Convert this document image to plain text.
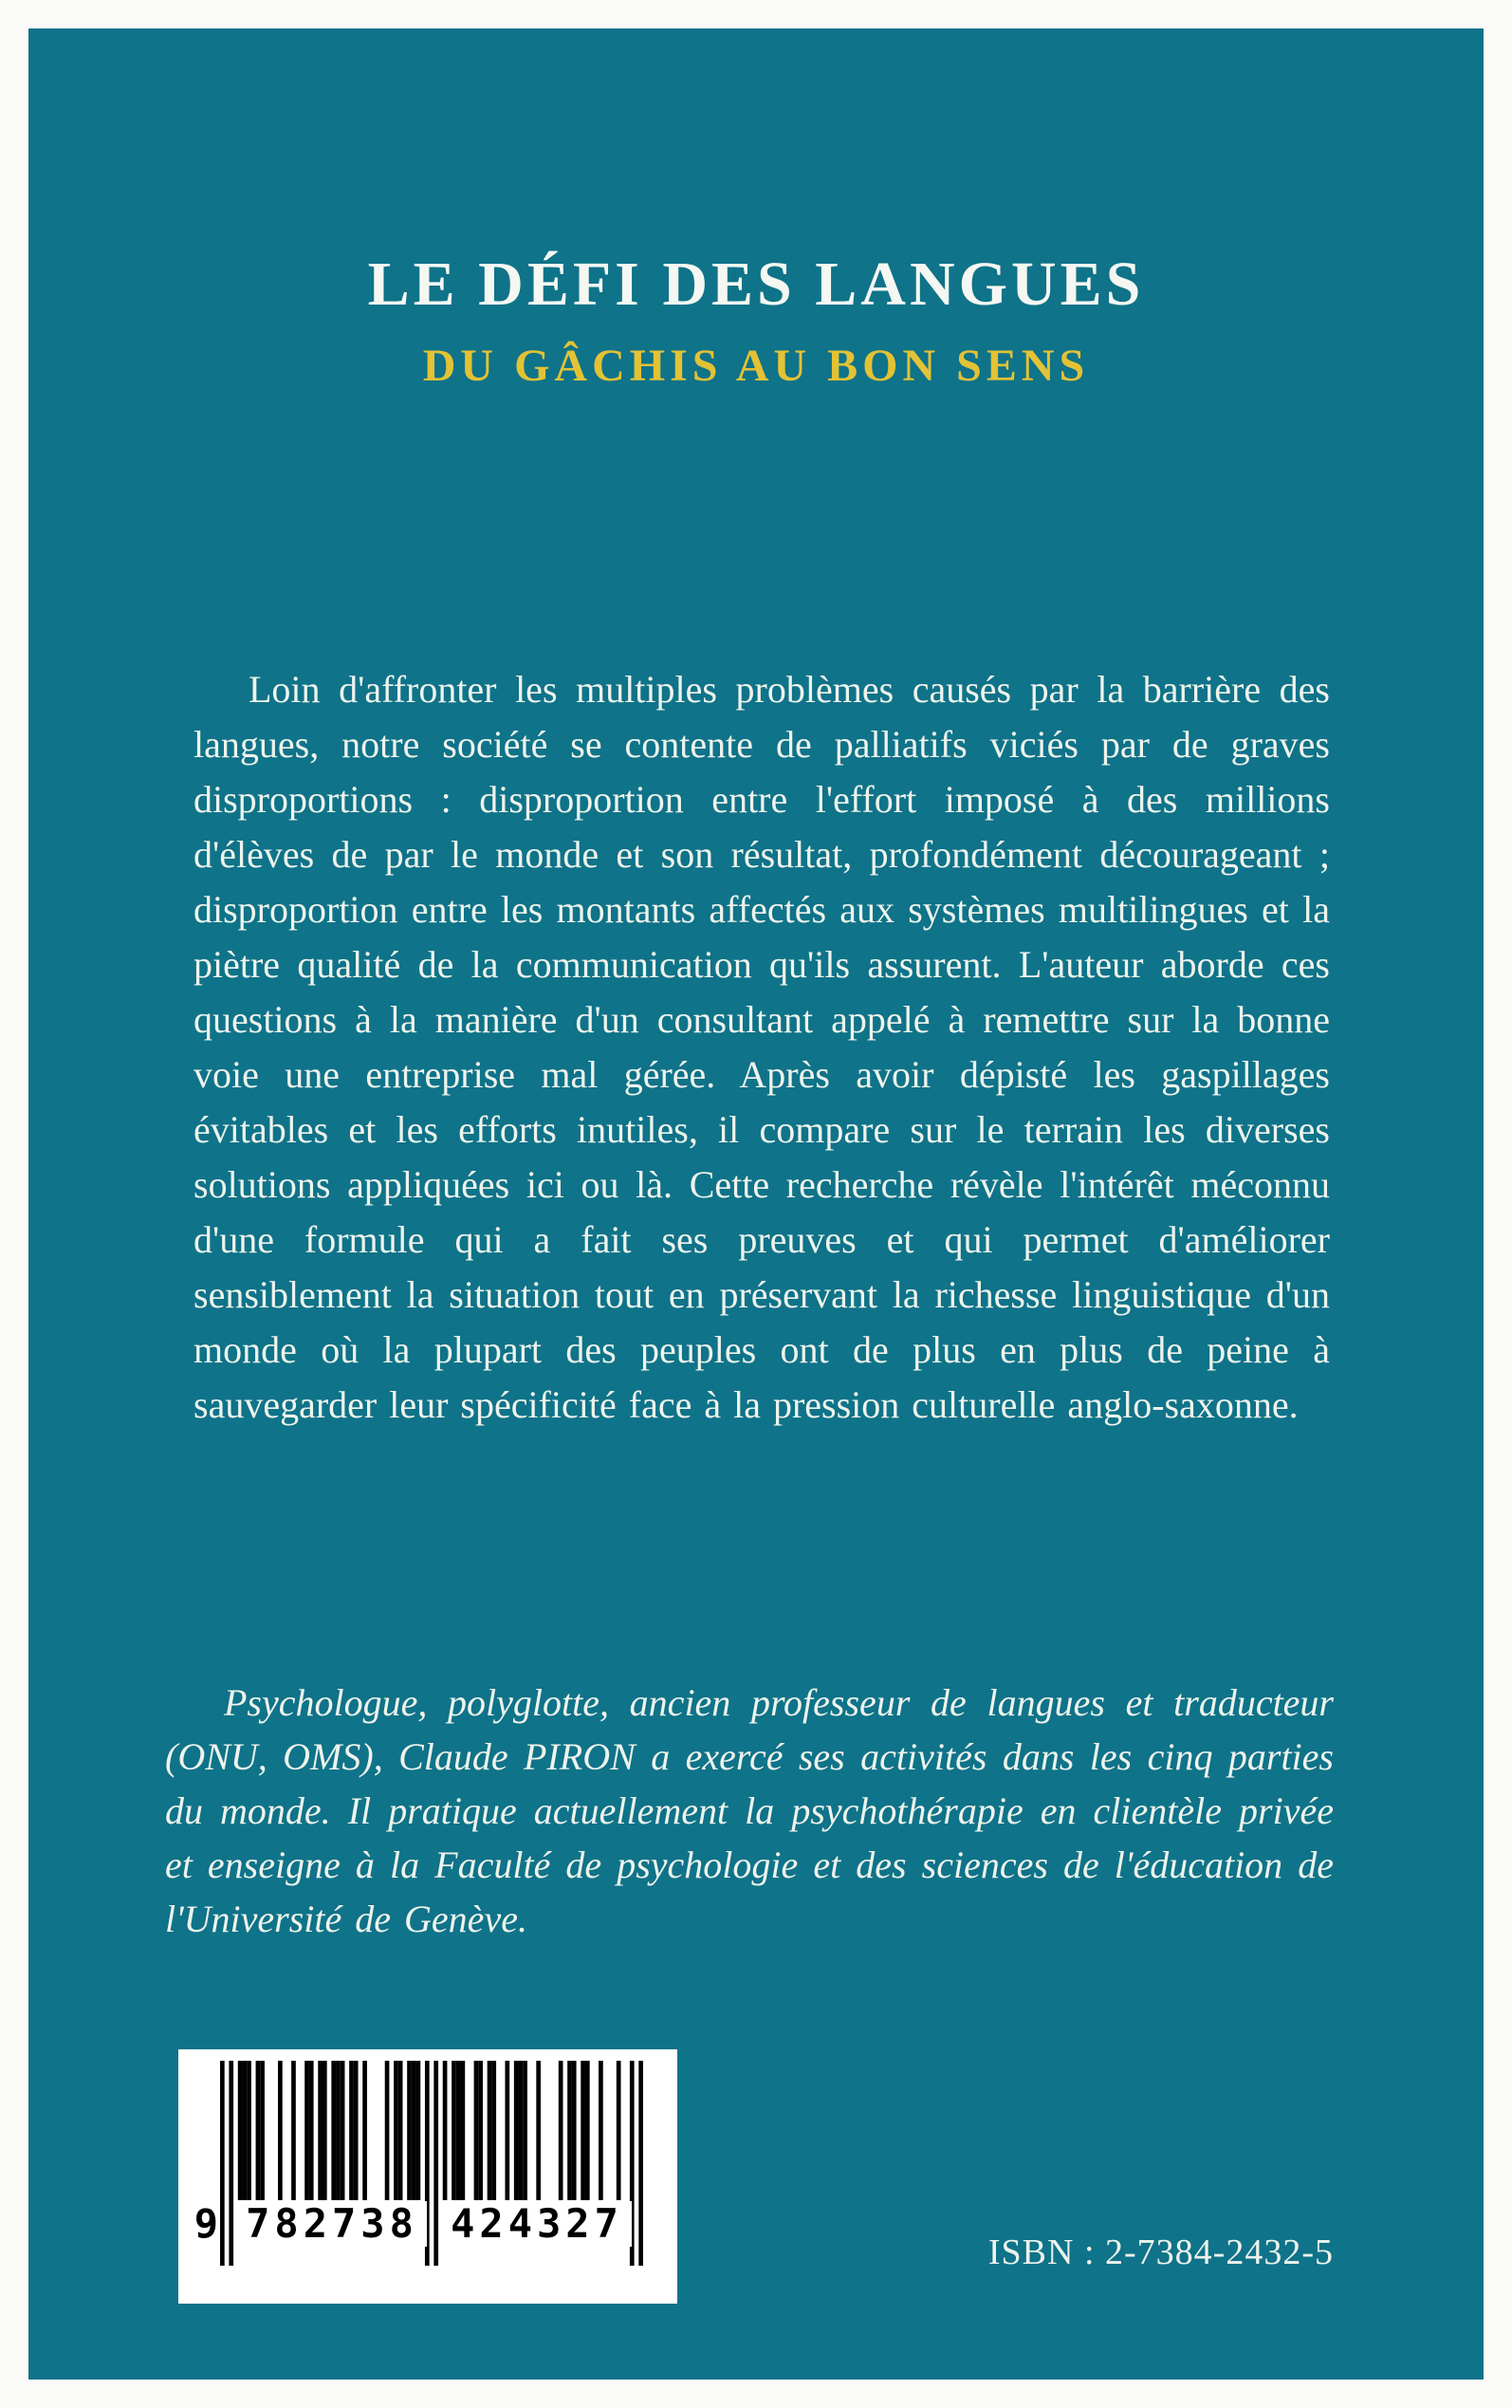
LE DÉFI DES LANGUES
DU GÂCHIS AU BON SENS

Loin d'affronter les multiples problèmes causés par la barrière des langues, notre société se contente de palliatifs viciés par de graves disproportions : disproportion entre l'effort imposé à des millions d'élèves de par le monde et son résultat, profondément décourageant ; disproportion entre les montants affectés aux systèmes multilingues et la piètre qualité de la communication qu'ils assurent. L'auteur aborde ces questions à la manière d'un consultant appelé à remettre sur la bonne voie une entreprise mal gérée. Après avoir dépisté les gaspillages évitables et les efforts inutiles, il compare sur le terrain les diverses solutions appliquées ici ou là. Cette recherche révèle l'intérêt méconnu d'une formule qui a fait ses preuves et qui permet d'améliorer sensiblement la situation tout en préservant la richesse linguistique d'un monde où la plupart des peuples ont de plus en plus de peine à sauvegarder leur spécificité face à la pression culturelle anglo-saxonne.

Psychologue, polyglotte, ancien professeur de langues et traducteur (ONU, OMS), Claude PIRON a exercé ses activités dans les cinq parties du monde. Il pratique actuellement la psychothérapie en clientèle privée et enseigne à la Faculté de psychologie et des sciences de l'éducation de l'Université de Genève.

9 782738 424327

ISBN : 2-7384-2432-5
